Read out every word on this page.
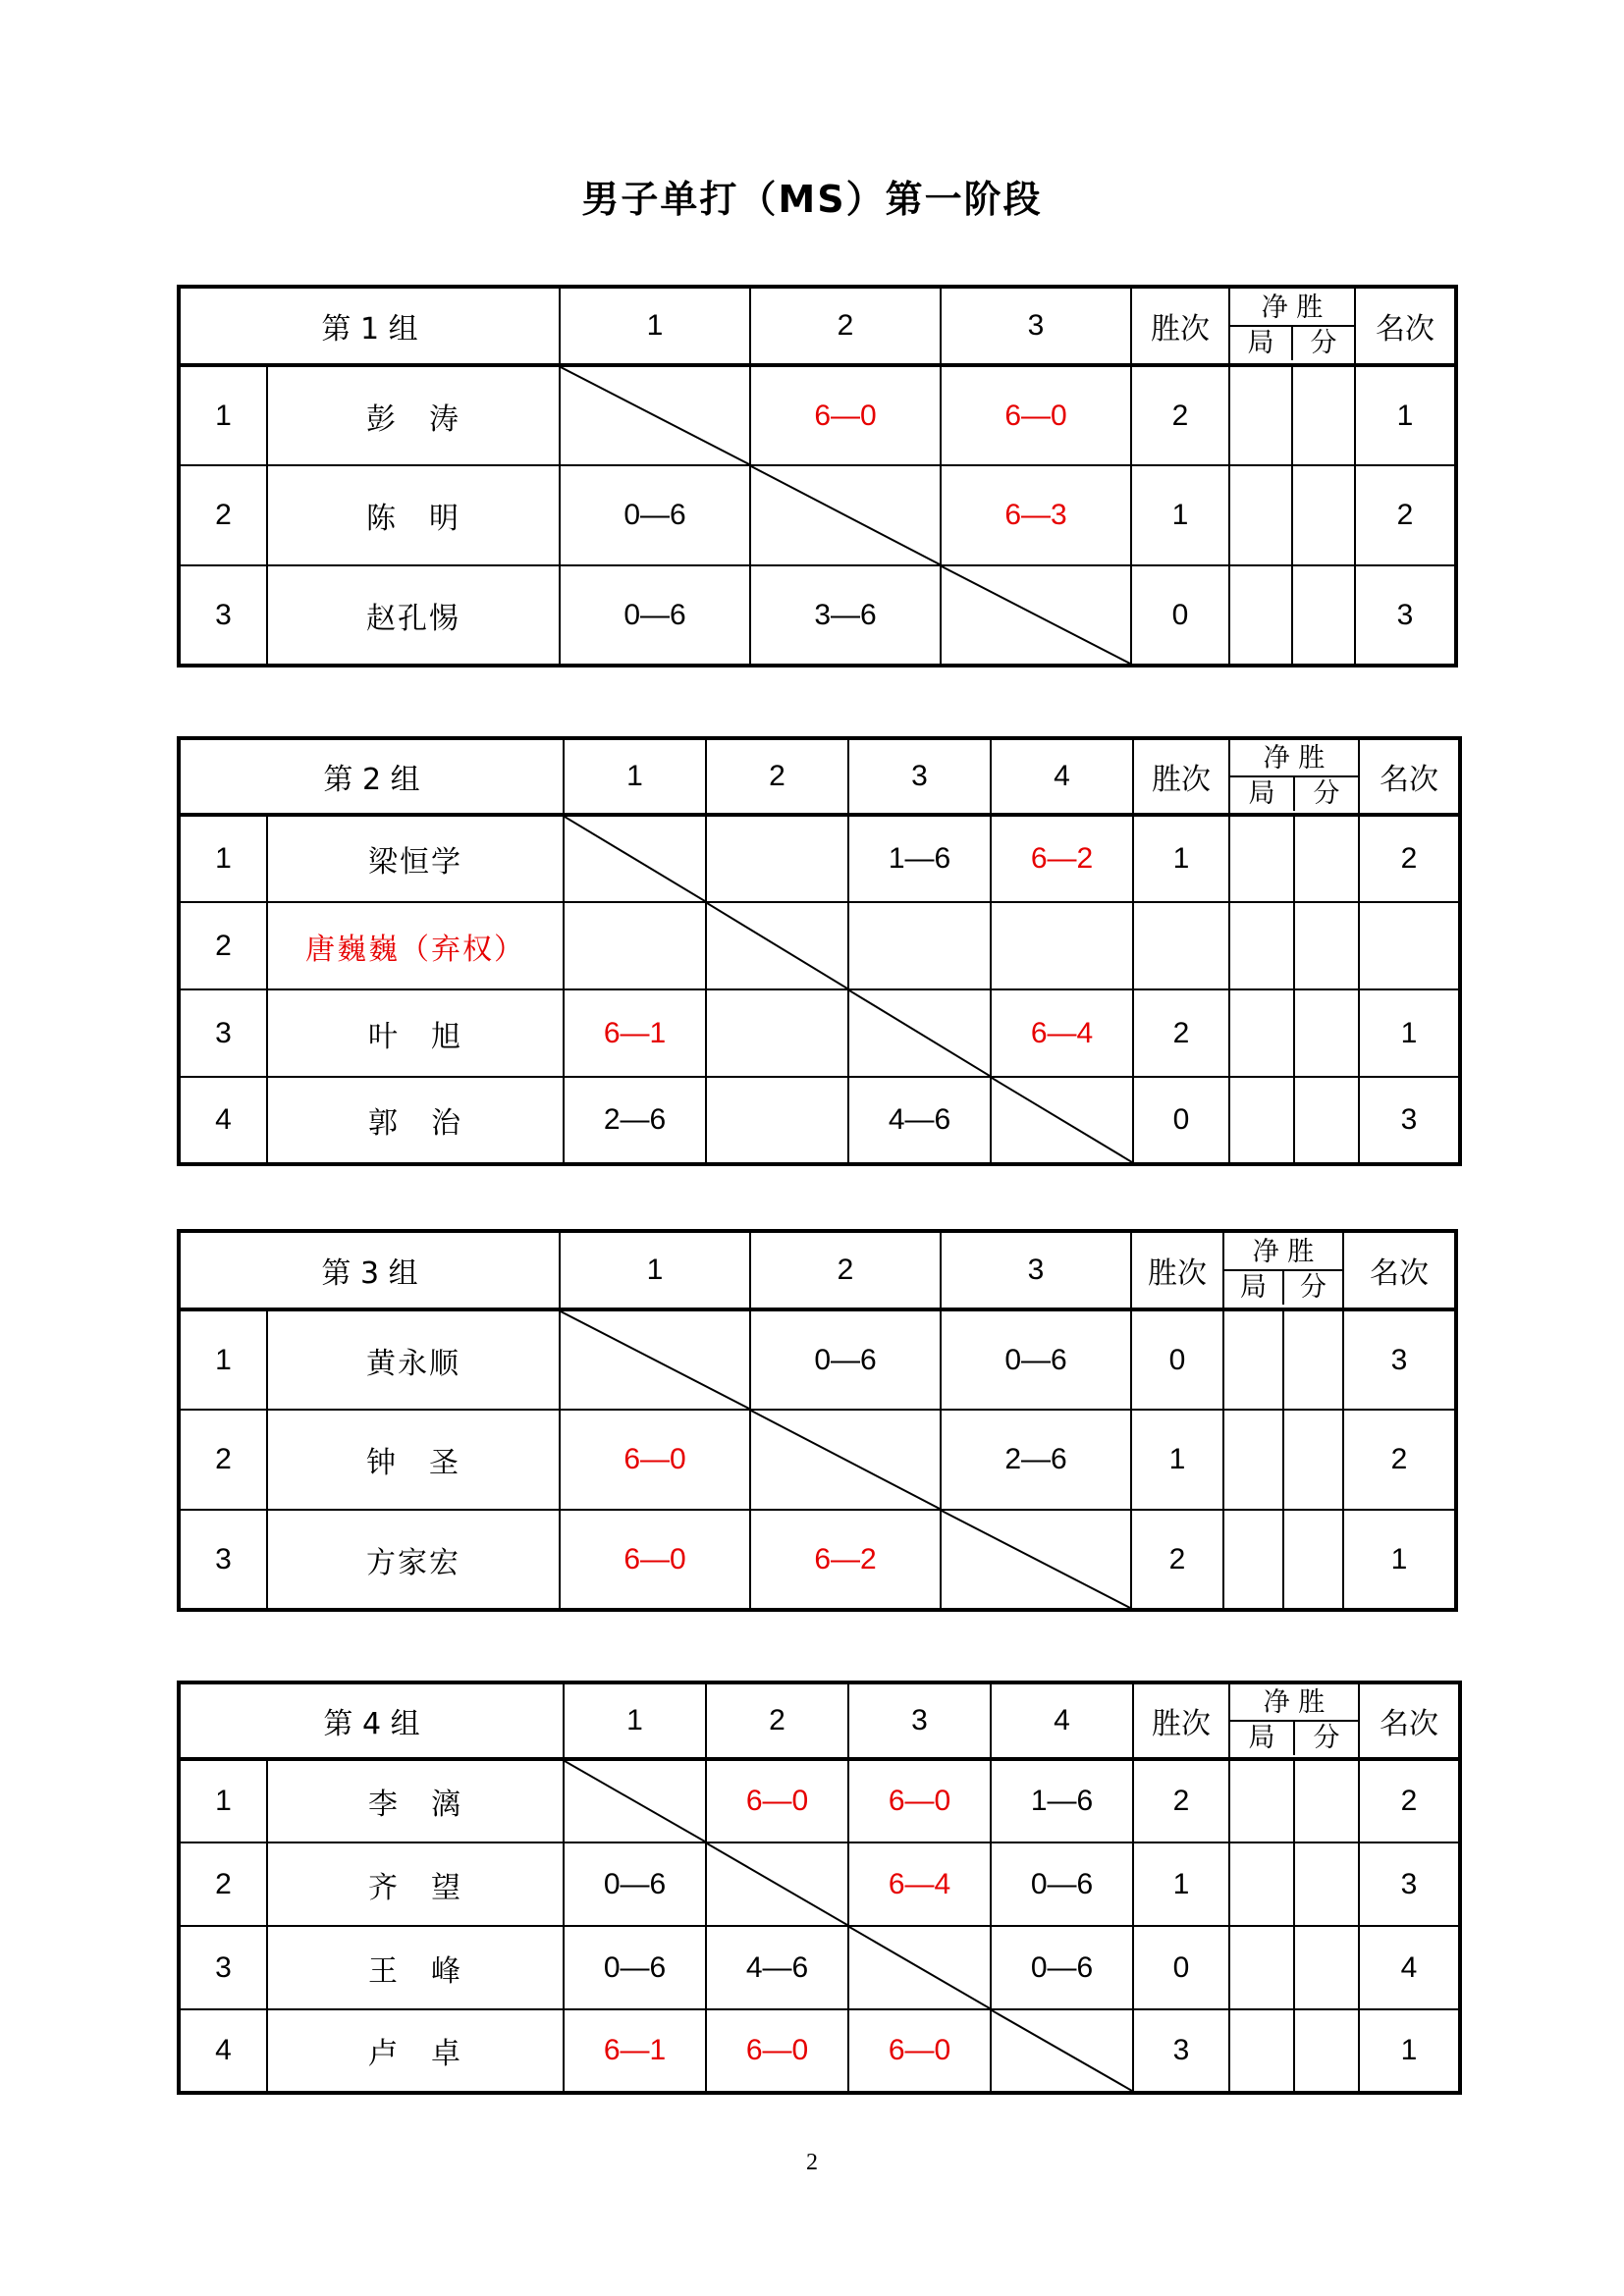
男子单打（MS）第一阶段
第 1 组		1	2	3	胜次	净 胜
局 分		名次
1	彭　涛		6—0	6—0	2			1
2	陈　明	0—6		6—3	1			2
3	赵孔惕	0—6	3—6		0			3
第 2 组		1	2	3	4	胜次	净 胜
局 分		名次
1	梁恒学			1—6	6—2	1			2
2	唐巍巍（弃权）		

3	叶　旭	6—1			6—4	2			1
4	郭　治	2—6		4—6		0			3
第 3 组		1	2	3	胜次	净 胜
局 分		名次
1	黄永顺		0—6	0—6	0			3
2	钟　圣	6—0		2—6	1			2
3	方家宏	6—0	6—2		2			1
第 4 组		1	2	3	4	胜次	净 胜
局 分		名次
1	李　漓		6—0	6—0	1—6	2			2
2	齐　望	0—6		6—4	0—6	1			3
3	王　峰	0—6	4—6		0—6	0			4
4	卢　卓	6—1	6—0	6—0		3			1
2
